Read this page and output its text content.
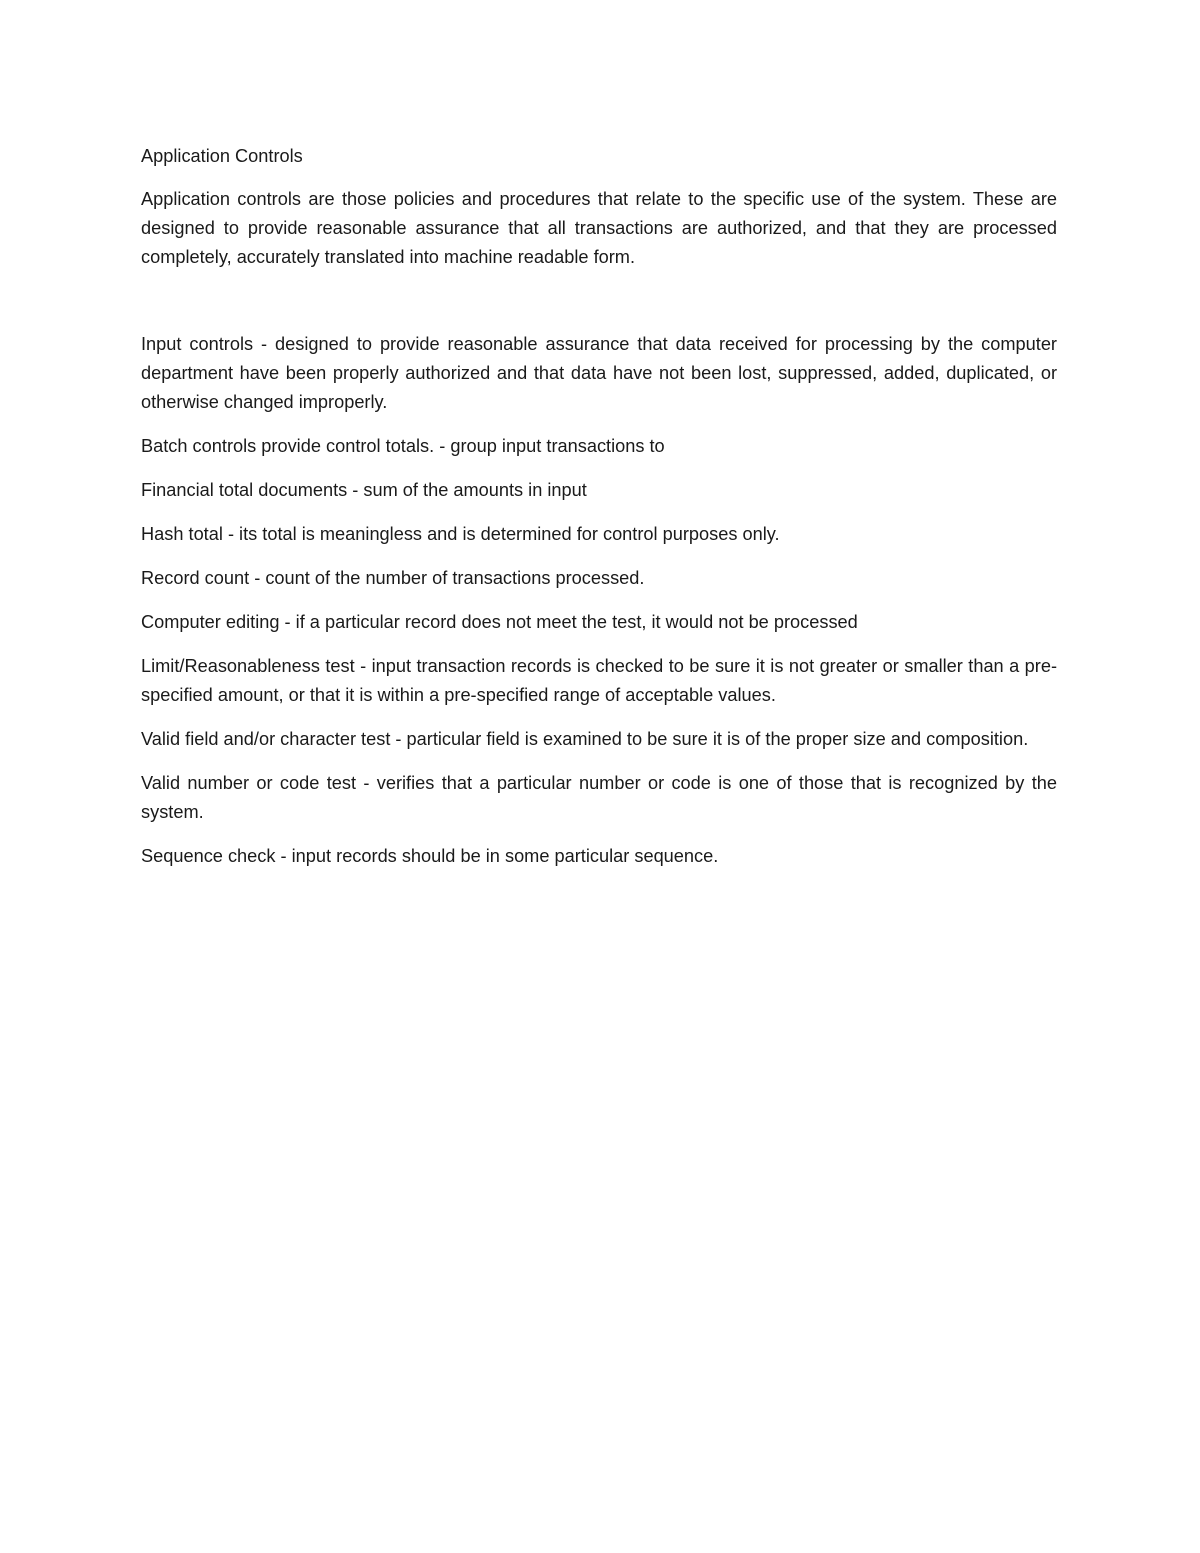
Application Controls

Application controls are those policies and procedures that relate to the specific use of the system. These are designed to provide reasonable assurance that all transactions are authorized, and that they are processed completely, accurately translated into machine readable form.

Input controls - designed to provide reasonable assurance that data received for processing by the computer department have been properly authorized and that data have not been lost, suppressed, added, duplicated, or otherwise changed improperly.

Batch controls provide control totals. - group input transactions to

Financial total documents - sum of the amounts in input

Hash total - its total is meaningless and is determined for control purposes only.

Record count - count of the number of transactions processed.

Computer editing - if a particular record does not meet the test, it would not be processed

Limit/Reasonableness test - input transaction records is checked to be sure it is not greater or smaller than a pre-specified amount, or that it is within a pre-specified range of acceptable values.

Valid field and/or character test - particular field is examined to be sure it is of the proper size and composition.

Valid number or code test - verifies that a particular number or code is one of those that is recognized by the system.

Sequence check - input records should be in some particular sequence.
